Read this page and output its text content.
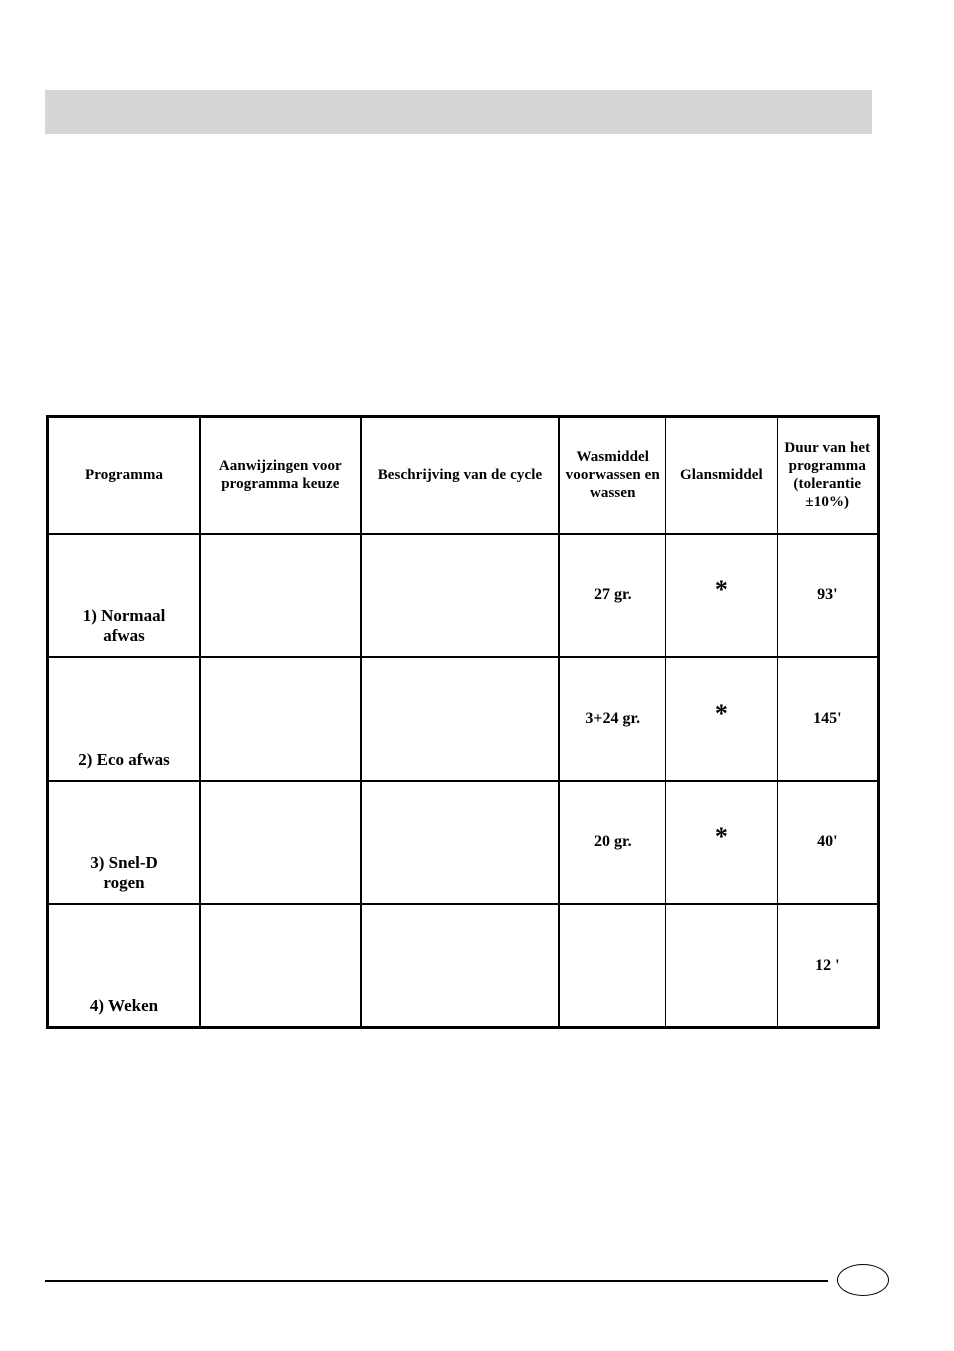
Programma	Aanwijzingen voor programma keuze	Beschrijving van de cycle	Wasmiddel voorwassen en wassen	Glansmiddel	Duur van het programma (tolerantie ±10%)
1) Normaal afwas			27 gr.	*	93'
2) Eco afwas			3+24 gr.	*	145'
3) Snel-Drogen			20 gr.	*	40'
4) Weken					12 '
